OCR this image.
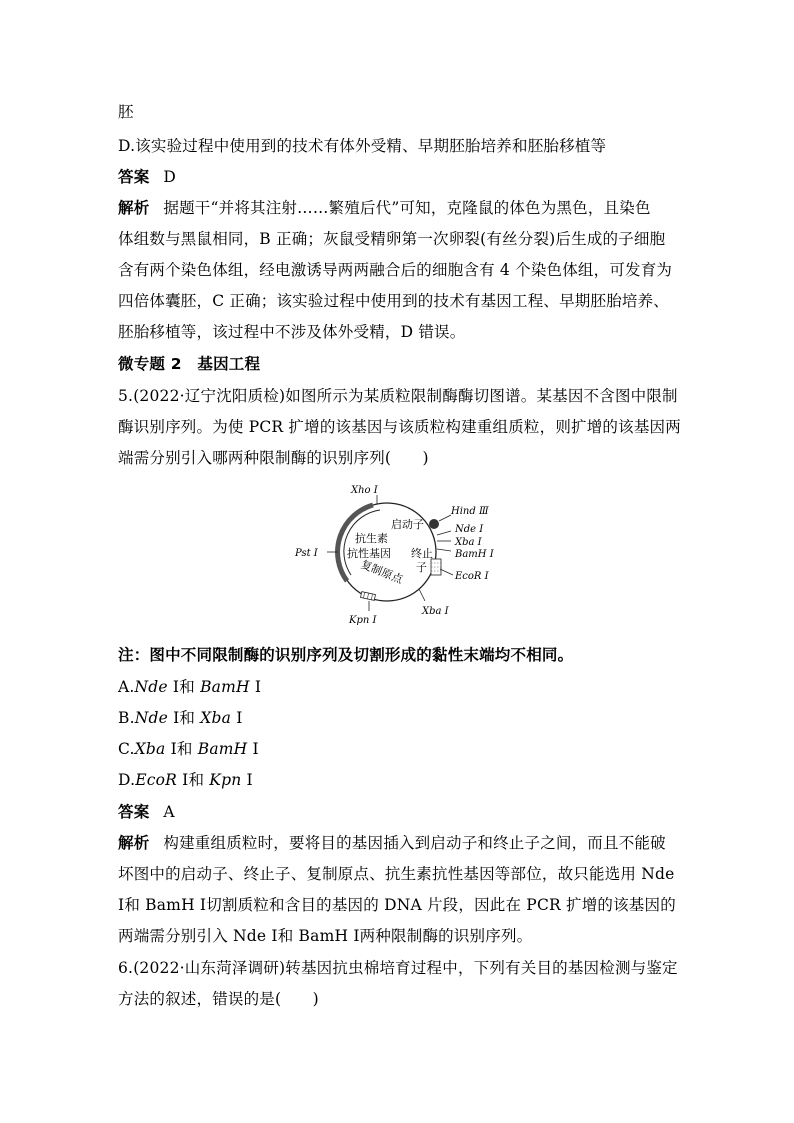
胚
D.该实验过程中使用到的技术有体外受精、早期胚胎培养和胚胎移植等
答案 D
解析 据题干“并将其注射……繁殖后代”可知，克隆鼠的体色为黑色，且染色
体组数与黑鼠相同，B 正确；灰鼠受精卵第一次卵裂(有丝分裂)后生成的子细胞
含有两个染色体组，经电激诱导两两融合后的细胞含有 4 个染色体组，可发育为
四倍体囊胚，C 正确；该实验过程中使用到的技术有基因工程、早期胚胎培养、
胚胎移植等，该过程中不涉及体外受精，D 错误。
微专题 2　基因工程
5.(2022·辽宁沈阳质检)如图所示为某质粒限制酶酶切图谱。某基因不含图中限制
酶识别序列。为使 PCR 扩增的该基因与该质粒构建重组质粒，则扩增的该基因两
端需分别引入哪两种限制酶的识别序列(　　)
Xho Ⅰ
Hind Ⅲ
Nde Ⅰ
Xba Ⅰ
BamH Ⅰ
EcoR Ⅰ
Xba Ⅰ
Kpn Ⅰ
Pst Ⅰ
启动子
抗生素
抗性基因 终止
子
复制原点
注：图中不同限制酶的识别序列及切割形成的黏性末端均不相同。
A.Nde Ⅰ和 BamH Ⅰ
B.Nde Ⅰ和 Xba Ⅰ
C.Xba Ⅰ和 BamH Ⅰ
D.EcoR Ⅰ和 Kpn Ⅰ
答案 A
解析 构建重组质粒时，要将目的基因插入到启动子和终止子之间，而且不能破
坏图中的启动子、终止子、复制原点、抗生素抗性基因等部位，故只能选用 Nde
Ⅰ和 BamH Ⅰ切割质粒和含目的基因的 DNA 片段，因此在 PCR 扩增的该基因的
两端需分别引入 Nde Ⅰ和 BamH Ⅰ两种限制酶的识别序列。
6.(2022·山东菏泽调研)转基因抗虫棉培育过程中，下列有关目的基因检测与鉴定
方法的叙述，错误的是(　　)
